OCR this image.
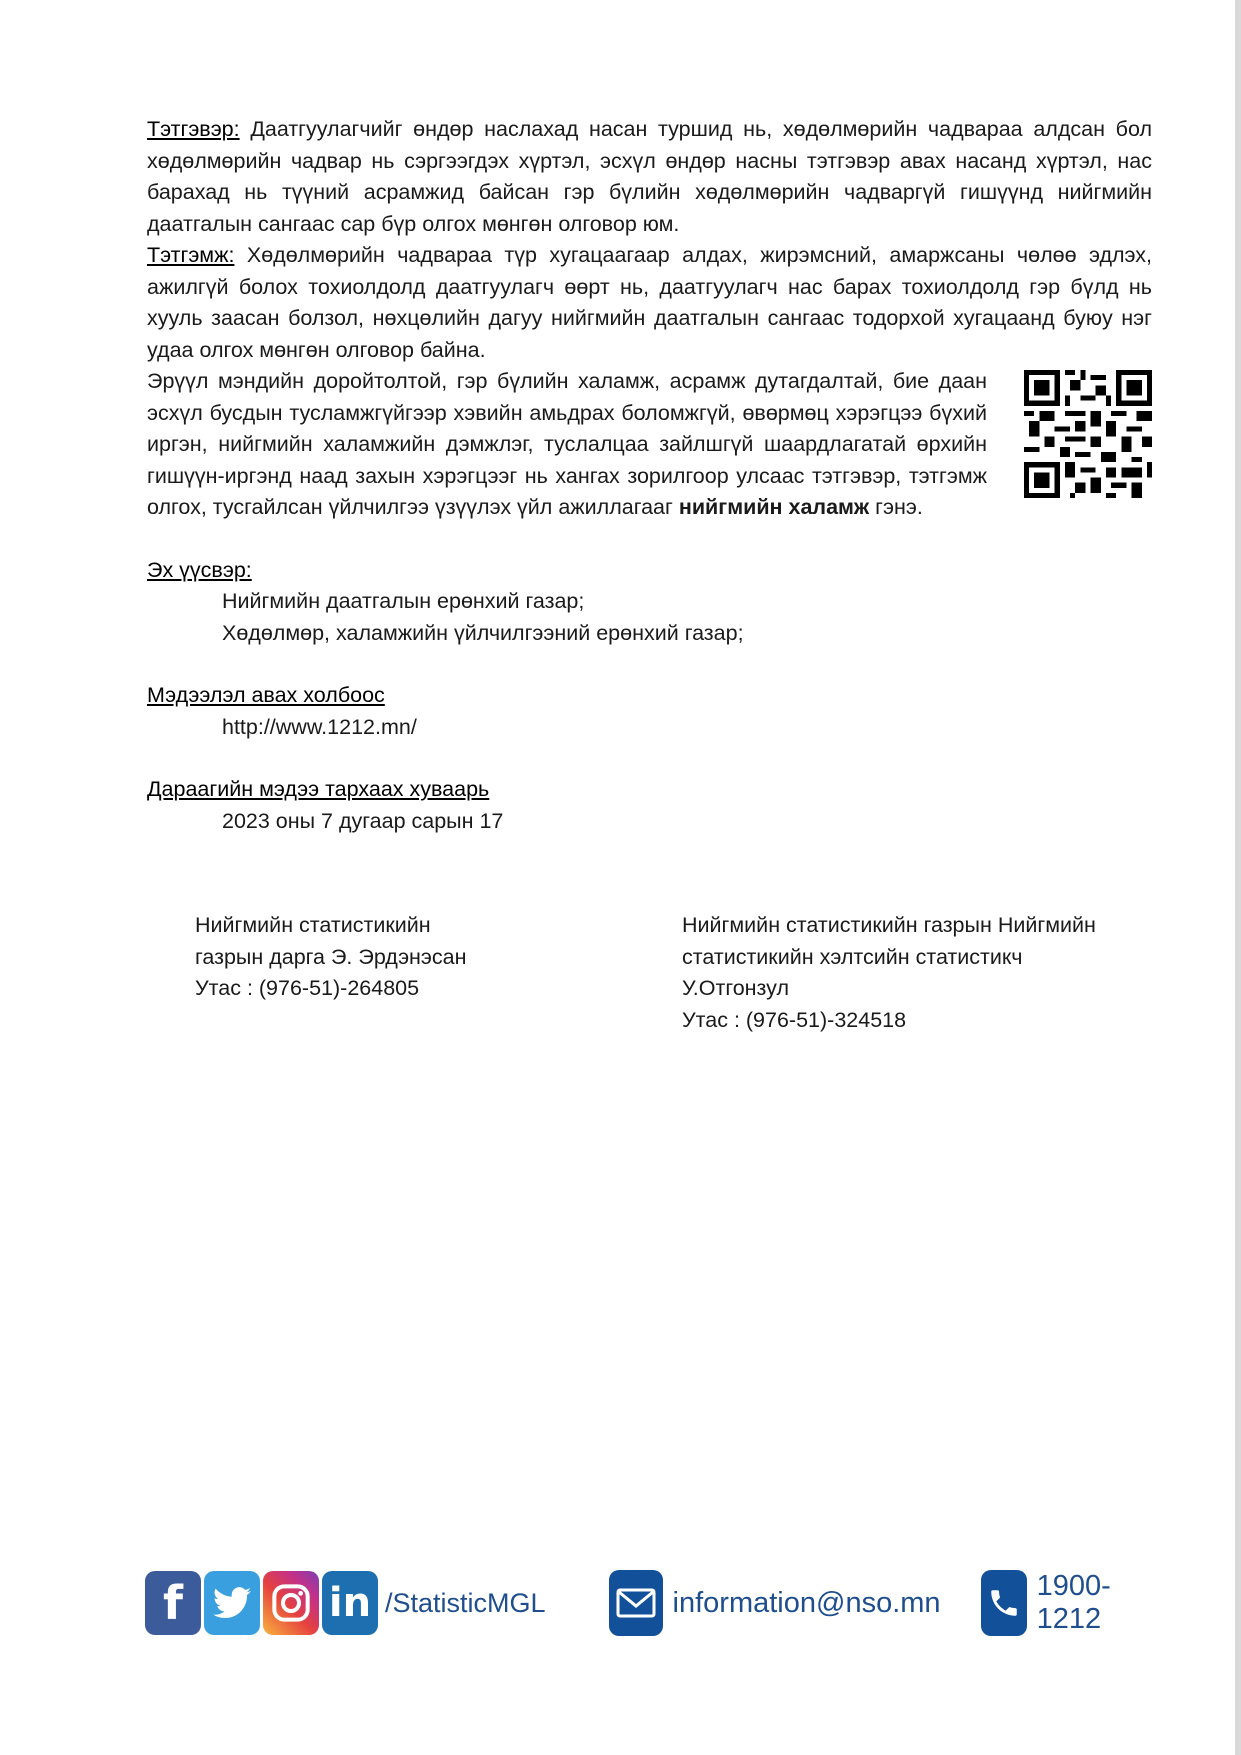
Тэтгэвэр: Даатгуулагчийг өндөр наслахад насан туршид нь, хөдөлмөрийн чадвараа алдсан бол хөдөлмөрийн чадвар нь сэргээгдэх хүртэл, эсхүл өндөр насны тэтгэвэр авах насанд хүртэл, нас барахад нь түүний асрамжид байсан гэр бүлийн хөдөлмөрийн чадваргүй гишүүнд нийгмийн даатгалын сангаас сар бүр олгох мөнгөн олговор юм.

Тэтгэмж: Хөдөлмөрийн чадвараа түр хугацаагаар алдах, жирэмсний, амаржсаны чөлөө эдлэх, ажилгүй болох тохиолдолд даатгуулагч өөрт нь, даатгуулагч нас барах тохиолдолд гэр бүлд нь хууль заасан болзол, нөхцөлийн дагуу нийгмийн даатгалын сангаас тодорхой хугацаанд буюу нэг удаа олгох мөнгөн олговор байна.

Эрүүл мэндийн доройтолтой, гэр бүлийн халамж, асрамж дутагдалтай, бие даан эсхүл бусдын тусламжгүйгээр хэвийн амьдрах боломжгүй, өвөрмөц хэрэгцээ бүхий иргэн, нийгмийн халамжийн дэмжлэг, туслалцаа зайлшгүй шаардлагатай өрхийн гишүүн-иргэнд наад захын хэрэгцээг нь хангах зорилгоор улсаас тэтгэвэр, тэтгэмж олгох, тусгайлсан үйлчилгээ үзүүлэх үйл ажиллагааг нийгмийн халамж гэнэ.

Эх үүсвэр:

Нийгмийн даатгалын ерөнхий газар;

Хөдөлмөр, халамжийн үйлчилгээний ерөнхий газар;

Мэдээлэл авах холбоос

http://www.1212.mn/

Дараагийн мэдээ тархаах хуваарь

2023 оны 7 дугаар сарын 17

Нийгмийн статистикийн
газрын дарга Э. Эрдэнэсан
Утас : (976-51)-264805
Нийгмийн статистикийн газрын Нийгмийн
статистикийн хэлтсийн статистикч
У.Отгонзул
Утас : (976-51)-324518
f	in /StatisticMGL	information@nso.mn
1900-1212
